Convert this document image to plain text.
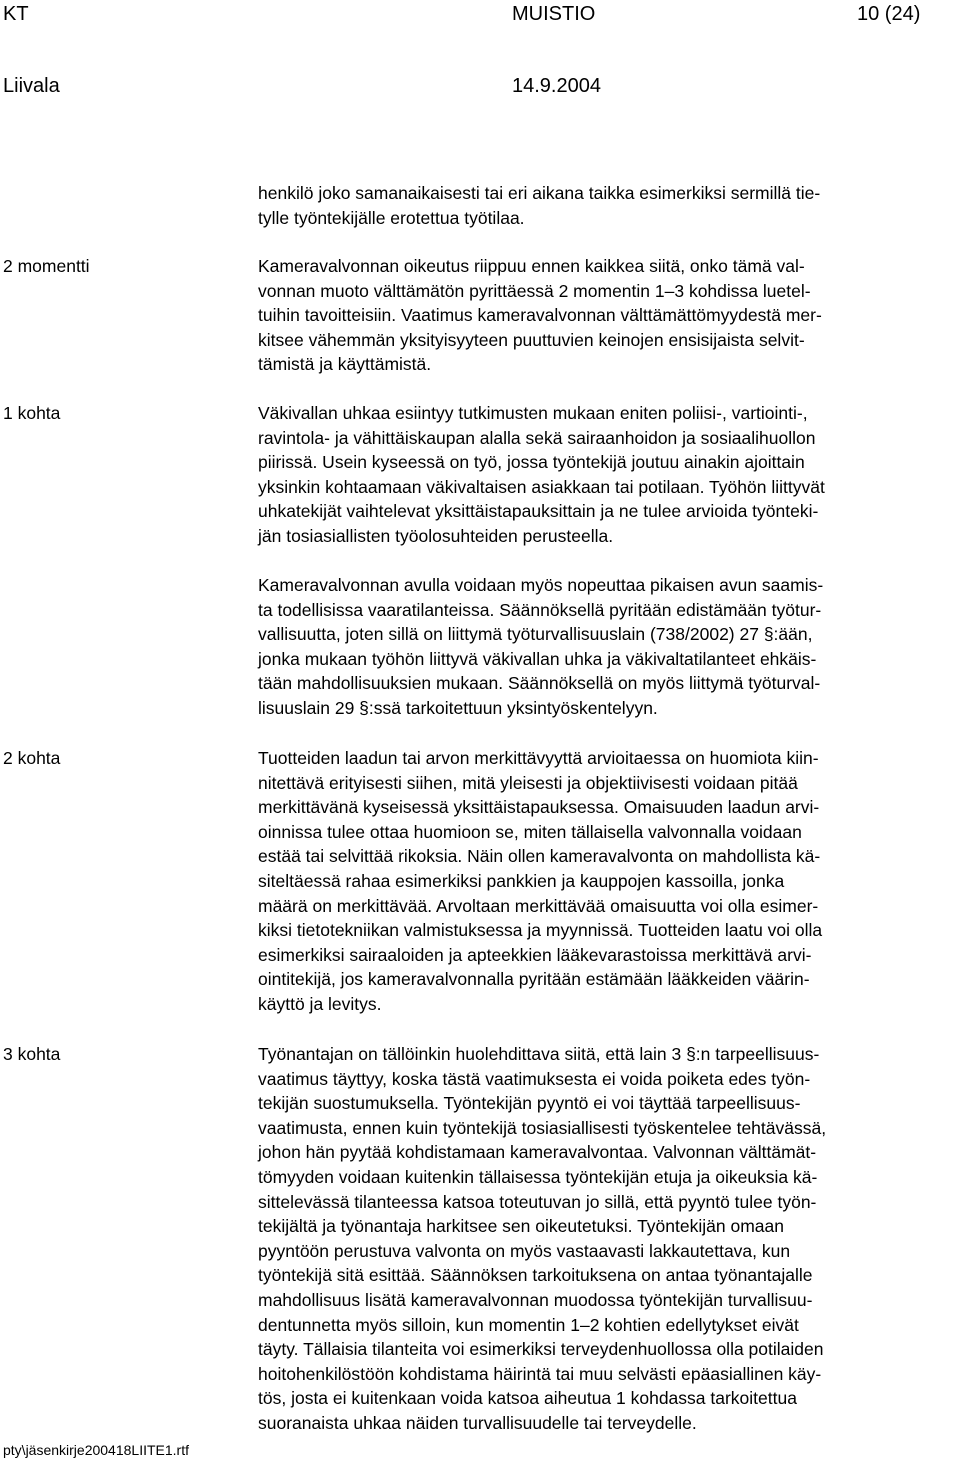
KT	MUISTIO	10 (24)
Liivala	14.9.2004
henkilö joko samanaikaisesti tai eri aikana taikka esimerkiksi sermillä tie-
tylle työntekijälle erotettua työtilaa.
2 momentti	Kameravalvonnan oikeutus riippuu ennen kaikkea siitä, onko tämä val-
vonnan muoto välttämätön pyrittäessä 2 momentin 1–3 kohdissa luetel-
tuihin tavoitteisiin. Vaatimus kameravalvonnan välttämättömyydestä mer-
kitsee vähemmän yksityisyyteen puuttuvien keinojen ensisijaista selvit-
tämistä ja käyttämistä.
1 kohta	Väkivallan uhkaa esiintyy tutkimusten mukaan eniten poliisi-, vartiointi-,
ravintola- ja vähittäiskaupan alalla sekä sairaanhoidon ja sosiaalihuollon
piirissä. Usein kyseessä on työ, jossa työntekijä joutuu ainakin ajoittain
yksinkin kohtaamaan väkivaltaisen asiakkaan tai potilaan. Työhön liittyvät
uhkatekijät vaihtelevat yksittäistapauksittain ja ne tulee arvioida työnteki-
jän tosiasiallisten työolosuhteiden perusteella.
Kameravalvonnan avulla voidaan myös nopeuttaa pikaisen avun saamis-
ta todellisissa vaaratilanteissa. Säännöksellä pyritään edistämään työtur-
vallisuutta, joten sillä on liittymä työturvallisuuslain (738/2002) 27 §:ään,
jonka mukaan työhön liittyvä väkivallan uhka ja väkivaltatilanteet ehkäis-
tään mahdollisuuksien mukaan. Säännöksellä on myös liittymä työturval-
lisuuslain 29 §:ssä tarkoitettuun yksintyöskentelyyn.
2 kohta	Tuotteiden laadun tai arvon merkittävyyttä arvioitaessa on huomiota kiin-
nitettävä erityisesti siihen, mitä yleisesti ja objektiivisesti voidaan pitää
merkittävänä kyseisessä yksittäistapauksessa. Omaisuuden laadun arvi-
oinnissa tulee ottaa huomioon se, miten tällaisella valvonnalla voidaan
estää tai selvittää rikoksia. Näin ollen kameravalvonta on mahdollista kä-
siteltäessä rahaa esimerkiksi pankkien ja kauppojen kassoilla, jonka
määrä on merkittävää. Arvoltaan merkittävää omaisuutta voi olla esimer-
kiksi tietotekniikan valmistuksessa ja myynnissä. Tuotteiden laatu voi olla
esimerkiksi sairaaloiden ja apteekkien lääkevarastoissa merkittävä arvi-
ointitekijä, jos kameravalvonnalla pyritään estämään lääkkeiden väärin-
käyttö ja levitys.
3 kohta	Työnantajan on tällöinkin huolehdittava siitä, että lain 3 §:n tarpeellisuus-
vaatimus täyttyy, koska tästä vaatimuksesta ei voida poiketa edes työn-
tekijän suostumuksella. Työntekijän pyyntö ei voi täyttää tarpeellisuus-
vaatimusta, ennen kuin työntekijä tosiasiallisesti työskentelee tehtävässä,
johon hän pyytää kohdistamaan kameravalvontaa. Valvonnan välttämät-
tömyyden voidaan kuitenkin tällaisessa työntekijän etuja ja oikeuksia kä-
sittelevässä tilanteessa katsoa toteutuvan jo sillä, että pyyntö tulee työn-
tekijältä ja työnantaja harkitsee sen oikeutetuksi. Työntekijän omaan
pyyntöön perustuva valvonta on myös vastaavasti lakkautettava, kun
työntekijä sitä esittää. Säännöksen tarkoituksena on antaa työnantajalle
mahdollisuus lisätä kameravalvonnan muodossa työntekijän turvallisuu-
dentunnetta myös silloin, kun momentin 1–2 kohtien edellytykset eivät
täyty. Tällaisia tilanteita voi esimerkiksi terveydenhuollossa olla potilaiden
hoitohenkilöstöön kohdistama häirintä tai muu selvästi epäasiallinen käy-
tös, josta ei kuitenkaan voida katsoa aiheutua 1 kohdassa tarkoitettua
suoranaista uhkaa näiden turvallisuudelle tai terveydelle.
pty\jäsenkirje200418LIITE1.rtf
